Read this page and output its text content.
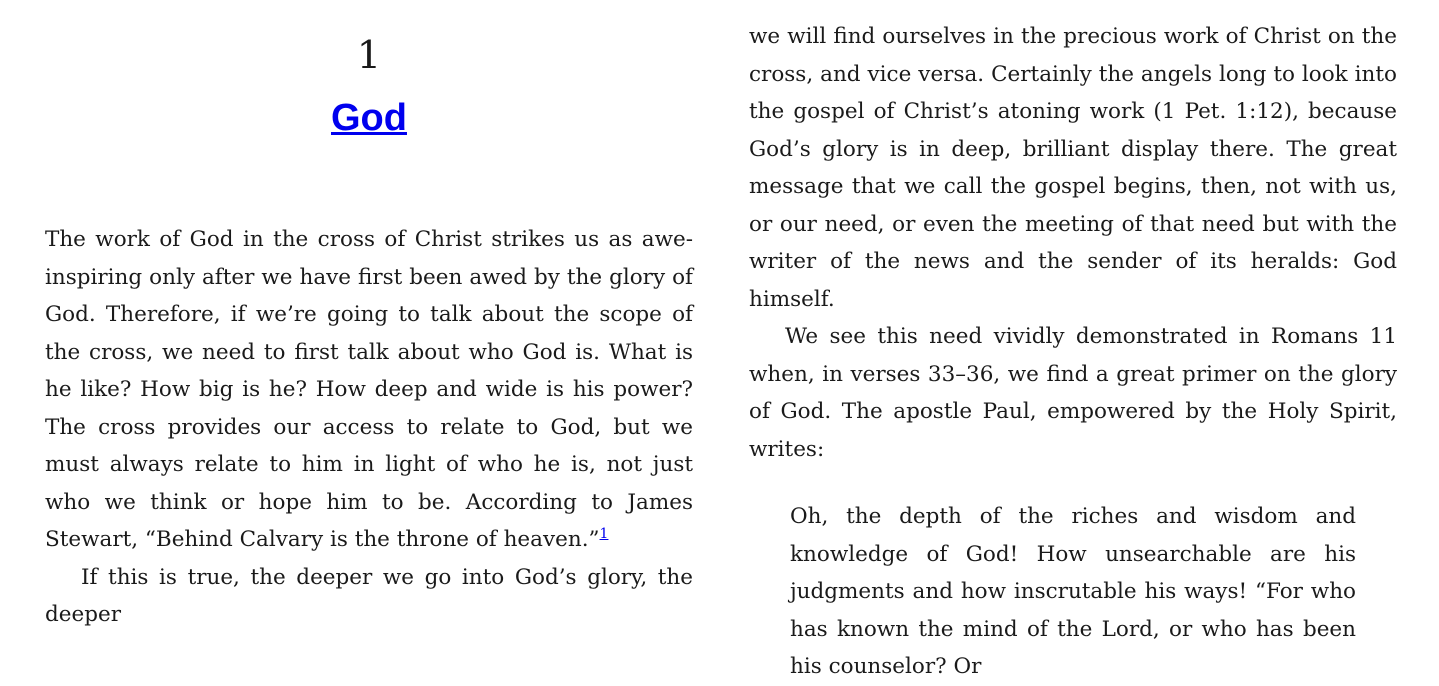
1
God

The work of God in the cross of Christ strikes us as awe-inspiring only after we have first been awed by the glory of God. Therefore, if we’re going to talk about the scope of the cross, we need to first talk about who God is. What is he like? How big is he? How deep and wide is his power? The cross provides our access to relate to God, but we must always relate to him in light of who he is, not just who we think or hope him to be. According to James Stewart, “Behind Calvary is the throne of heaven.”$^1$

If this is true, the deeper we go into God’s glory, the deeper

we will find ourselves in the precious work of Christ on the cross, and vice versa. Certainly the angels long to look into the gospel of Christ’s atoning work (1 Pet. 1:12), because God’s glory is in deep, brilliant display there. The great message that we call the gospel begins, then, not with us, or our need, or even the meeting of that need but with the writer of the news and the sender of its heralds: God himself.

We see this need vividly demonstrated in Romans 11 when, in verses 33–36, we find a great primer on the glory of God. The apostle Paul, empowered by the Holy Spirit, writes:

Oh, the depth of the riches and wisdom and knowledge of God! How unsearchable are his judgments and how inscrutable his ways! “For who has known the mind of the Lord, or who has been his counselor? Or
